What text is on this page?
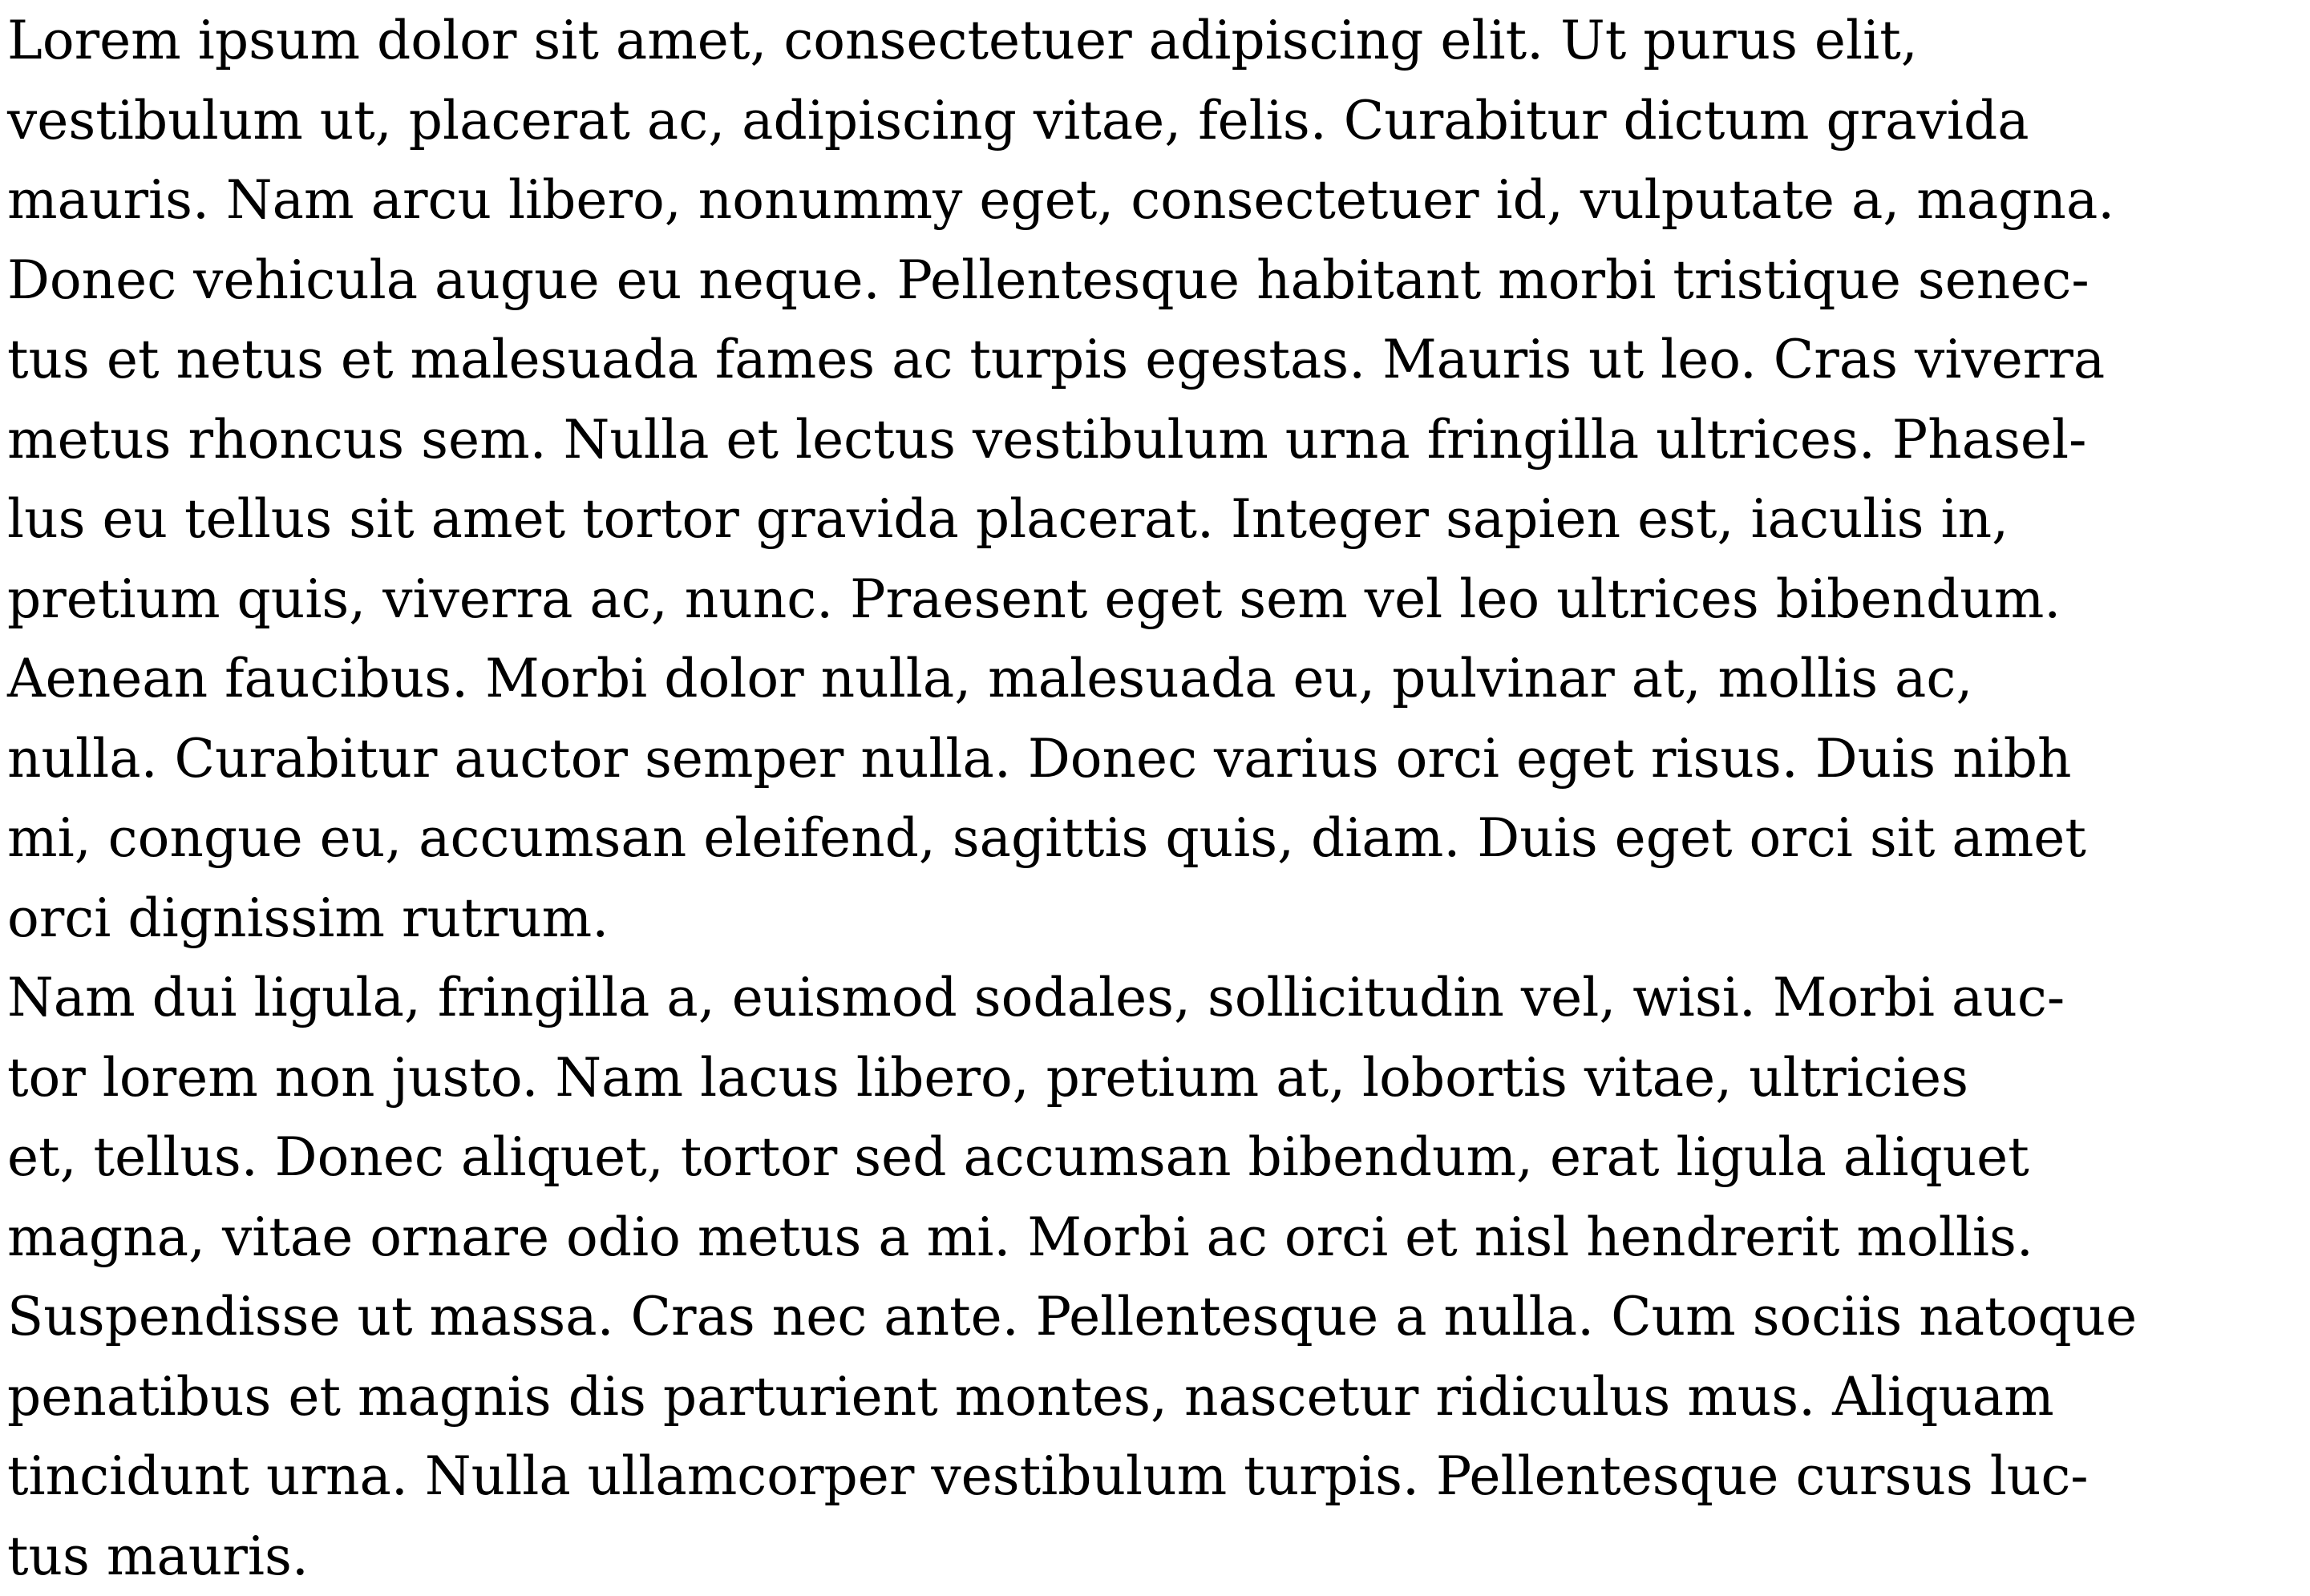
Lorem ipsum dolor sit amet, consectetuer adipiscing elit. Ut purus elit,

vestibulum ut, placerat ac, adipiscing vitae, felis. Curabitur dictum gravida

mauris. Nam arcu libero, nonummy eget, consectetuer id, vulputate a, magna.

Donec vehicula augue eu neque. Pellentesque habitant morbi tristique senec-

tus et netus et malesuada fames ac turpis egestas. Mauris ut leo. Cras viverra

metus rhoncus sem. Nulla et lectus vestibulum urna fringilla ultrices. Phasel-

lus eu tellus sit amet tortor gravida placerat. Integer sapien est, iaculis in,

pretium quis, viverra ac, nunc. Praesent eget sem vel leo ultrices bibendum.

Aenean faucibus. Morbi dolor nulla, malesuada eu, pulvinar at, mollis ac,

nulla. Curabitur auctor semper nulla. Donec varius orci eget risus. Duis nibh

mi, congue eu, accumsan eleifend, sagittis quis, diam. Duis eget orci sit amet

orci dignissim rutrum.

Nam dui ligula, fringilla a, euismod sodales, sollicitudin vel, wisi. Morbi auc-

tor lorem non justo. Nam lacus libero, pretium at, lobortis vitae, ultricies

et, tellus. Donec aliquet, tortor sed accumsan bibendum, erat ligula aliquet

magna, vitae ornare odio metus a mi. Morbi ac orci et nisl hendrerit mollis.

Suspendisse ut massa. Cras nec ante. Pellentesque a nulla. Cum sociis natoque

penatibus et magnis dis parturient montes, nascetur ridiculus mus. Aliquam

tincidunt urna. Nulla ullamcorper vestibulum turpis. Pellentesque cursus luc-

tus mauris.
